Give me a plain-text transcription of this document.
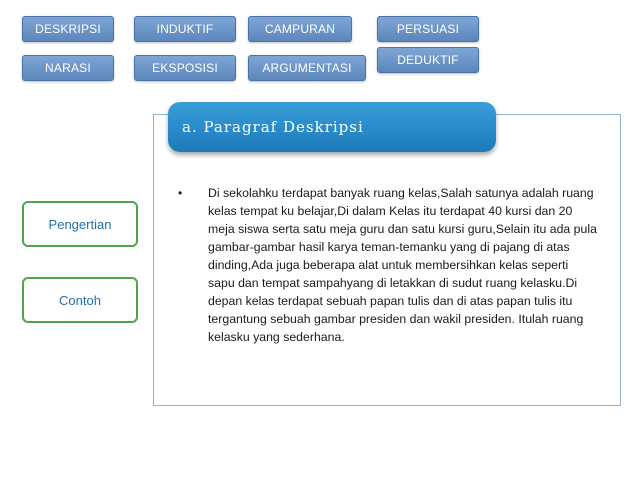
DESKRIPSI	INDUKTIF	CAMPURAN	PERSUASI
NARASI	EKSPOSISI	ARGUMENTASI
DEDUKTIF
a. Paragraf Deskripsi
Pengertian
Contoh
• Di sekolahku terdapat banyak ruang kelas,Salah satunya adalah ruang kelas tempat ku belajar,Di dalam Kelas itu terdapat 40 kursi dan 20 meja siswa serta satu meja guru dan satu kursi guru,Selain itu ada pula gambar-gambar hasil karya teman-temanku yang di pajang di atas dinding,Ada juga beberapa alat untuk membersihkan kelas seperti sapu dan tempat sampahyang di letakkan di sudut ruang kelasku.Di depan kelas terdapat sebuah papan tulis dan di atas papan tulis itu tergantung sebuah gambar presiden dan wakil presiden. Itulah ruang kelasku yang sederhana.
